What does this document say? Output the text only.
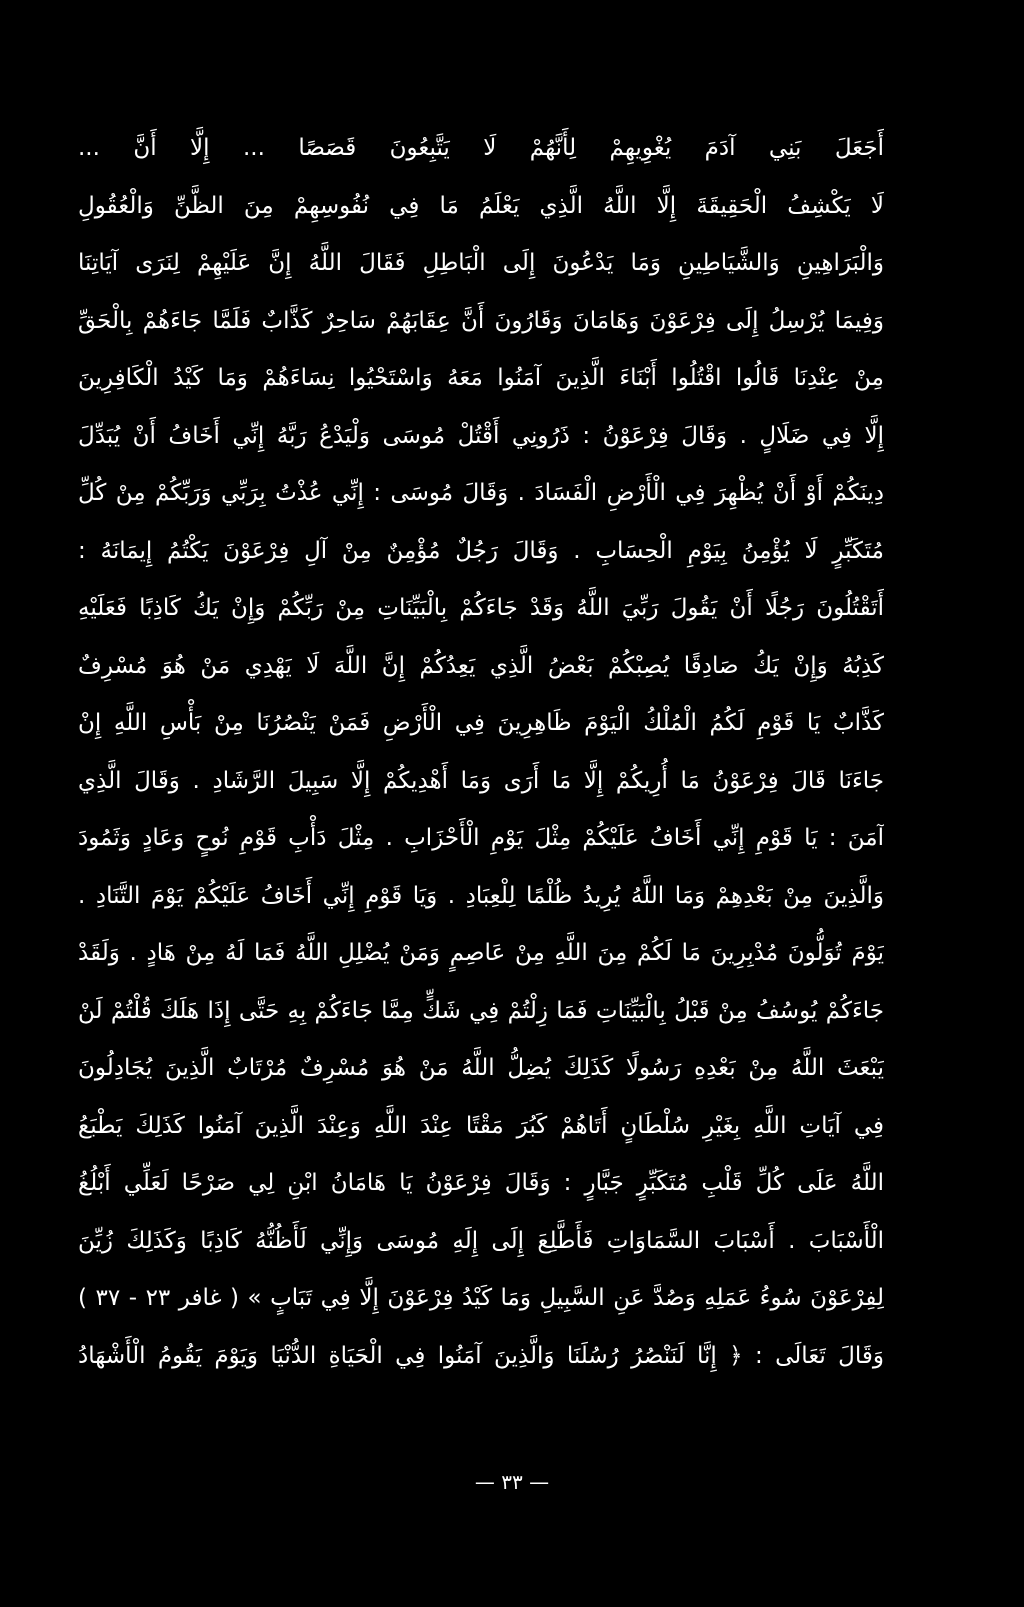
أَجَعَلَ بَنِي آدَمَ يُغْوِيهِمْ لِأَنَّهُمْ لَا يَتَّبِعُونَ قَصَصًا ... إِلَّا أَنَّ ...
لَا يَكْشِفُ الْحَقِيقَةَ إِلَّا اللَّهُ الَّذِي يَعْلَمُ مَا فِي نُفُوسِهِمْ مِنَ الظَّنِّ وَالْعُقُولِ
وَالْبَرَاهِينِ وَالشَّيَاطِينِ وَمَا يَدْعُونَ إِلَى الْبَاطِلِ فَقَالَ اللَّهُ إِنَّ عَلَيْهِمْ لِنَرَى آيَاتِنَا
وَفِيمَا يُرْسِلُ إِلَى فِرْعَوْنَ وَهَامَانَ وَقَارُونَ أَنَّ عِقَابَهُمْ سَاحِرٌ كَذَّابٌ فَلَمَّا جَاءَهُمْ بِالْحَقِّ
مِنْ عِنْدِنَا قَالُوا اقْتُلُوا أَبْنَاءَ الَّذِينَ آمَنُوا مَعَهُ وَاسْتَحْيُوا نِسَاءَهُمْ وَمَا كَيْدُ الْكَافِرِينَ
إِلَّا فِي ضَلَالٍ . وَقَالَ فِرْعَوْنُ : ذَرُونِي أَقْتُلْ مُوسَى وَلْيَدْعُ رَبَّهُ إِنِّي أَخَافُ أَنْ يُبَدِّلَ
دِينَكُمْ أَوْ أَنْ يُظْهِرَ فِي الْأَرْضِ الْفَسَادَ . وَقَالَ مُوسَى : إِنِّي عُذْتُ بِرَبِّي وَرَبِّكُمْ مِنْ كُلِّ
مُتَكَبِّرٍ لَا يُؤْمِنُ بِيَوْمِ الْحِسَابِ . وَقَالَ رَجُلٌ مُؤْمِنٌ مِنْ آلِ فِرْعَوْنَ يَكْتُمُ إِيمَانَهُ :
أَتَقْتُلُونَ رَجُلًا أَنْ يَقُولَ رَبِّيَ اللَّهُ وَقَدْ جَاءَكُمْ بِالْبَيِّنَاتِ مِنْ رَبِّكُمْ وَإِنْ يَكُ كَاذِبًا فَعَلَيْهِ
كَذِبُهُ وَإِنْ يَكُ صَادِقًا يُصِبْكُمْ بَعْضُ الَّذِي يَعِدُكُمْ إِنَّ اللَّهَ لَا يَهْدِي مَنْ هُوَ مُسْرِفٌ
كَذَّابٌ يَا قَوْمِ لَكُمُ الْمُلْكُ الْيَوْمَ ظَاهِرِينَ فِي الْأَرْضِ فَمَنْ يَنْصُرُنَا مِنْ بَأْسِ اللَّهِ إِنْ
جَاءَنَا قَالَ فِرْعَوْنُ مَا أُرِيكُمْ إِلَّا مَا أَرَى وَمَا أَهْدِيكُمْ إِلَّا سَبِيلَ الرَّشَادِ . وَقَالَ الَّذِي
آمَنَ : يَا قَوْمِ إِنِّي أَخَافُ عَلَيْكُمْ مِثْلَ يَوْمِ الْأَحْزَابِ . مِثْلَ دَأْبِ قَوْمِ نُوحٍ وَعَادٍ وَثَمُودَ
وَالَّذِينَ مِنْ بَعْدِهِمْ وَمَا اللَّهُ يُرِيدُ ظُلْمًا لِلْعِبَادِ . وَيَا قَوْمِ إِنِّي أَخَافُ عَلَيْكُمْ يَوْمَ التَّنَادِ .
يَوْمَ تُوَلُّونَ مُدْبِرِينَ مَا لَكُمْ مِنَ اللَّهِ مِنْ عَاصِمٍ وَمَنْ يُضْلِلِ اللَّهُ فَمَا لَهُ مِنْ هَادٍ . وَلَقَدْ
جَاءَكُمْ يُوسُفُ مِنْ قَبْلُ بِالْبَيِّنَاتِ فَمَا زِلْتُمْ فِي شَكٍّ مِمَّا جَاءَكُمْ بِهِ حَتَّى إِذَا هَلَكَ قُلْتُمْ لَنْ
يَبْعَثَ اللَّهُ مِنْ بَعْدِهِ رَسُولًا كَذَلِكَ يُضِلُّ اللَّهُ مَنْ هُوَ مُسْرِفٌ مُرْتَابٌ الَّذِينَ يُجَادِلُونَ
فِي آيَاتِ اللَّهِ بِغَيْرِ سُلْطَانٍ أَتَاهُمْ كَبُرَ مَقْتًا عِنْدَ اللَّهِ وَعِنْدَ الَّذِينَ آمَنُوا كَذَلِكَ يَطْبَعُ
اللَّهُ عَلَى كُلِّ قَلْبِ مُتَكَبِّرٍ جَبَّارٍ : وَقَالَ فِرْعَوْنُ يَا هَامَانُ ابْنِ لِي صَرْحًا لَعَلِّي أَبْلُغُ
الْأَسْبَابَ . أَسْبَابَ السَّمَاوَاتِ فَأَطَّلِعَ إِلَى إِلَهِ مُوسَى وَإِنِّي لَأَظُنُّهُ كَاذِبًا وَكَذَلِكَ زُيِّنَ
لِفِرْعَوْنَ سُوءُ عَمَلِهِ وَصُدَّ عَنِ السَّبِيلِ وَمَا كَيْدُ فِرْعَوْنَ إِلَّا فِي تَبَابٍ » ( غافر ٢٣ - ٣٧ )
وَقَالَ تَعَالَى : ﴿ إِنَّا لَنَنْصُرُ رُسُلَنَا وَالَّذِينَ آمَنُوا فِي الْحَيَاةِ الدُّنْيَا وَيَوْمَ يَقُومُ الْأَشْهَادُ
— ٣٣ —
